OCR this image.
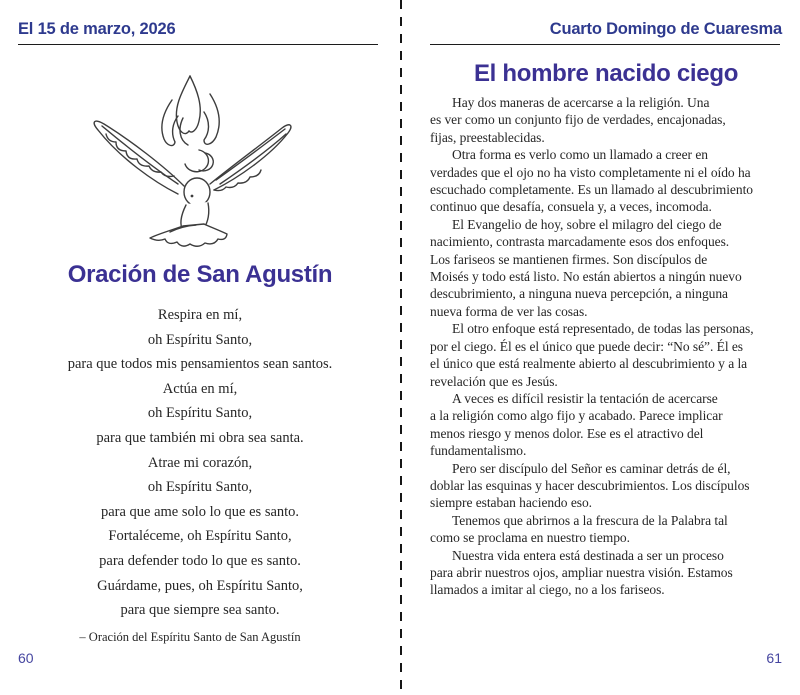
El 15 de marzo, 2026
Oración de San Agustín
Respira en mí,
oh Espíritu Santo,
para que todos mis pensamientos sean santos.
Actúa en mí,
oh Espíritu Santo,
para que también mi obra sea santa.
Atrae mi corazón,
oh Espíritu Santo,
para que ame solo lo que es santo.
Fortaléceme, oh Espíritu Santo,
para defender todo lo que es santo.
Guárdame, pues, oh Espíritu Santo,
para que siempre sea santo.
– Oración del Espíritu Santo de San Agustín
60
Cuarto Domingo de Cuaresma
El hombre nacido ciego
Hay dos maneras de acercarse a la religión. Una
es ver como un conjunto fijo de verdades, encajonadas,
fijas, preestablecidas.
Otra forma es verlo como un llamado a creer en
verdades que el ojo no ha visto completamente ni el oído ha
escuchado completamente. Es un llamado al descubrimiento
continuo que desafía, consuela y, a veces, incomoda.
El Evangelio de hoy, sobre el milagro del ciego de
nacimiento, contrasta marcadamente esos dos enfoques.
Los fariseos se mantienen firmes. Son discípulos de
Moisés y todo está listo. No están abiertos a ningún nuevo
descubrimiento, a ninguna nueva percepción, a ninguna
nueva forma de ver las cosas.
El otro enfoque está representado, de todas las personas,
por el ciego. Él es el único que puede decir: “No sé”. Él es
el único que está realmente abierto al descubrimiento y a la
revelación que es Jesús.
A veces es difícil resistir la tentación de acercarse
a la religión como algo fijo y acabado. Parece implicar
menos riesgo y menos dolor. Ese es el atractivo del
fundamentalismo.
Pero ser discípulo del Señor es caminar detrás de él,
doblar las esquinas y hacer descubrimientos. Los discípulos
siempre estaban haciendo eso.
Tenemos que abrirnos a la frescura de la Palabra tal
como se proclama en nuestro tiempo.
Nuestra vida entera está destinada a ser un proceso
para abrir nuestros ojos, ampliar nuestra visión. Estamos
llamados a imitar al ciego, no a los fariseos.
61
